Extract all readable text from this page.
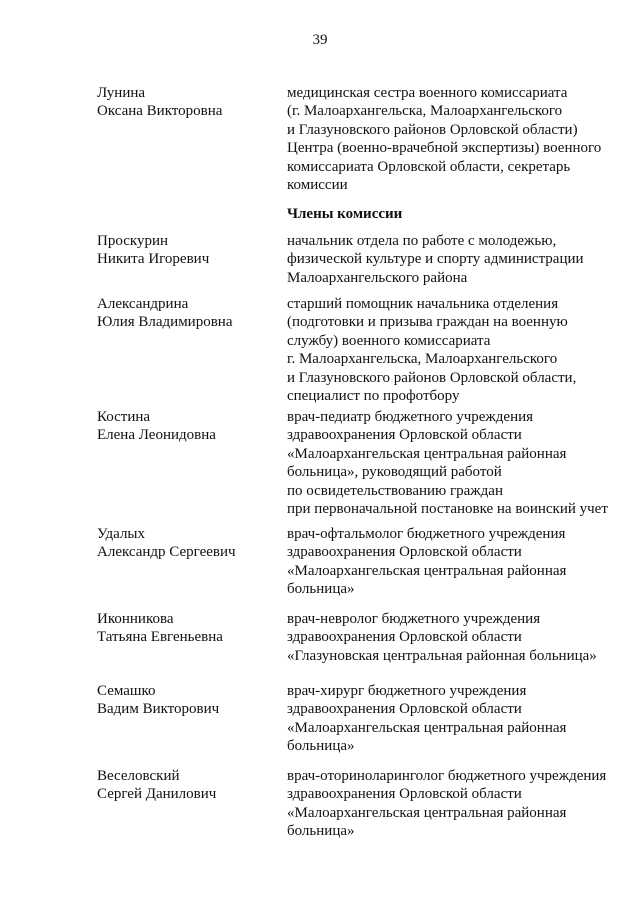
39
Лунина
Оксана Викторовна
медицинская сестра военного комиссариата
(г. Малоархангельска, Малоархангельского
и Глазуновского районов Орловской области)
Центра (военно-врачебной экспертизы) военного
комиссариата Орловской области, секретарь
комиссии
Члены комиссии
Проскурин
Никита Игоревич
начальник отдела по работе с молодежью,
физической культуре и спорту администрации
Малоархангельского района
Александрина
Юлия Владимировна
старший помощник начальника отделения
(подготовки и призыва граждан на военную
службу) военного комиссариата
г. Малоархангельска, Малоархангельского
и Глазуновского районов Орловской области,
специалист по профотбору
Костина
Елена Леонидовна
врач-педиатр бюджетного учреждения
здравоохранения Орловской области
«Малоархангельская центральная районная
больница», руководящий работой
по освидетельствованию граждан
при первоначальной постановке на воинский учет
Удалых
Александр Сергеевич
врач-офтальмолог бюджетного учреждения
здравоохранения Орловской области
«Малоархангельская центральная районная
больница»
Иконникова
Татьяна Евгеньевна
врач-невролог бюджетного учреждения
здравоохранения Орловской области
«Глазуновская центральная районная больница»
Семашко
Вадим Викторович
врач-хирург бюджетного учреждения
здравоохранения Орловской области
«Малоархангельская центральная районная
больница»
Веселовский
Сергей Данилович
врач-оториноларинголог бюджетного учреждения
здравоохранения Орловской области
«Малоархангельская центральная районная
больница»
